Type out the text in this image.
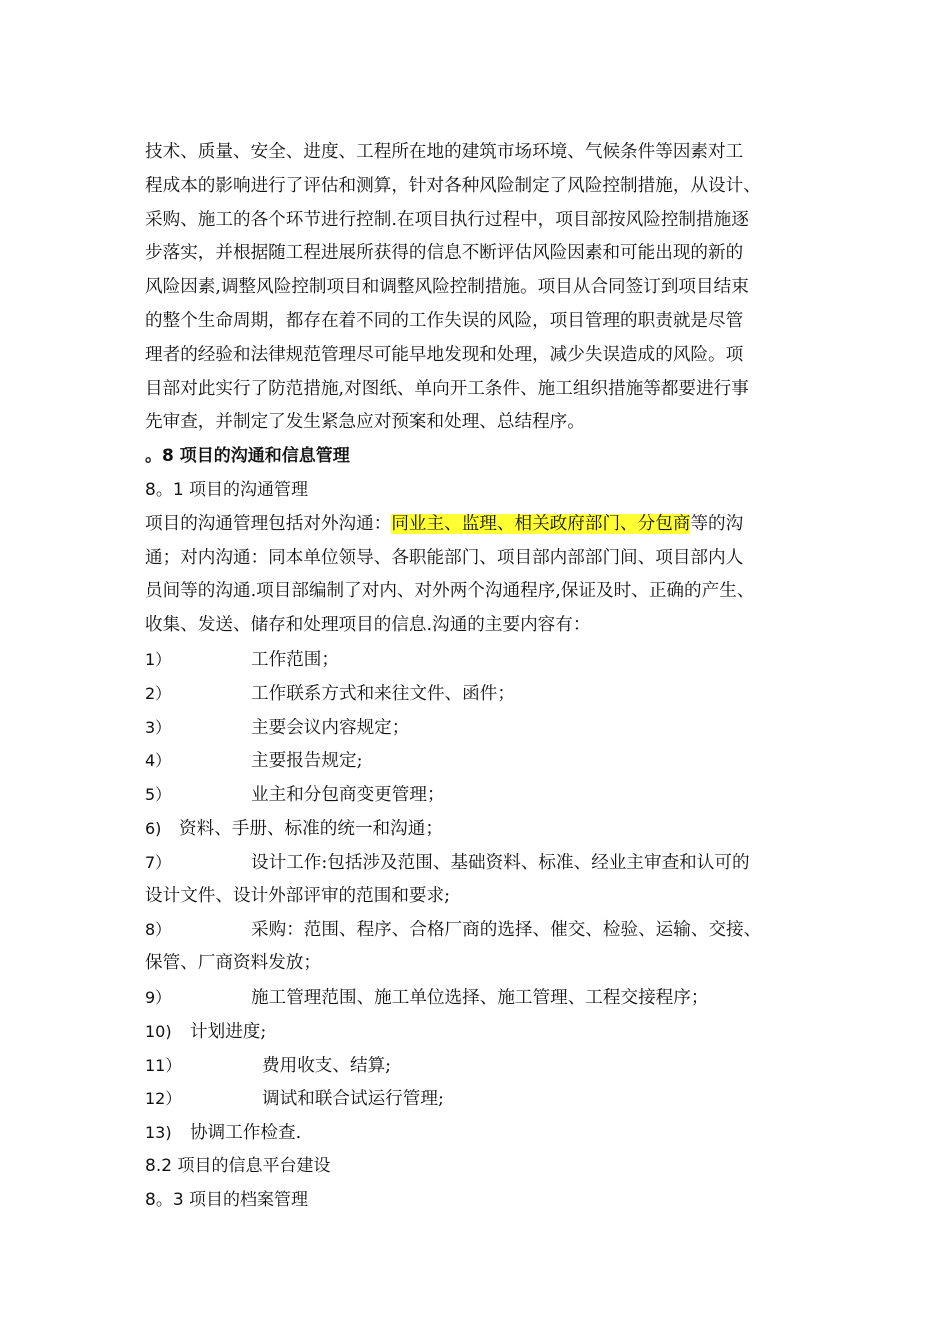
技术、质量、安全、进度、工程所在地的建筑市场环境、气候条件等因素对工
程成本的影响进行了评估和测算，针对各种风险制定了风险控制措施，从设计、
采购、施工的各个环节进行控制.在项目执行过程中，项目部按风险控制措施逐
步落实，并根据随工程进展所获得的信息不断评估风险因素和可能出现的新的
风险因素,调整风险控制项目和调整风险控制措施。项目从合同签订到项目结束
的整个生命周期，都存在着不同的工作失误的风险，项目管理的职责就是尽管
理者的经验和法律规范管理尽可能早地发现和处理，减少失误造成的风险。项
目部对此实行了防范措施,对图纸、单向开工条件、施工组织措施等都要进行事
先审查，并制定了发生紧急应对预案和处理、总结程序。
。8 项目的沟通和信息管理
8。1 项目的沟通管理
项目的沟通管理包括对外沟通：同业主、监理、相关政府部门、分包商等的沟
通；对内沟通：同本单位领导、各职能部门、项目部内部部门间、项目部内人
员间等的沟通.项目部编制了对内、对外两个沟通程序,保证及时、正确的产生、
收集、发送、储存和处理项目的信息.沟通的主要内容有：
1）	工作范围；
2）	工作联系方式和来往文件、函件；
3）	主要会议内容规定；
4）	主要报告规定;
5）	业主和分包商变更管理；
6) 资料、手册、标准的统一和沟通；
7）	设计工作:包括涉及范围、基础资料、标准、经业主审查和认可的
设计文件、设计外部评审的范围和要求;
8）	采购：范围、程序、合格厂商的选择、催交、检验、运输、交接、
保管、厂商资料发放；
9）	施工管理范围、施工单位选择、施工管理、工程交接程序；
10) 计划进度;
11）	费用收支、结算;
12）	调试和联合试运行管理;
13) 协调工作检查.
8.2 项目的信息平台建设
8。3 项目的档案管理
